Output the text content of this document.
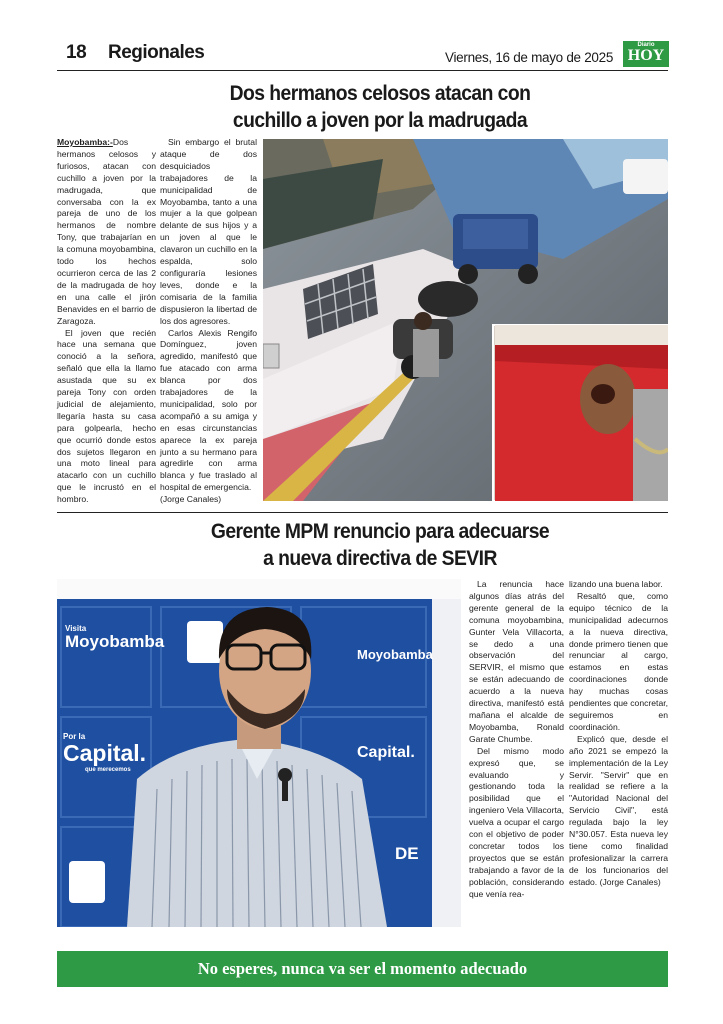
18 Regionales	Viernes, 16 de mayo de 2025
Diario
HOY
Dos hermanos celosos atacan con
cuchillo a joven por la madrugada

Moyobamba:-Dos hermanos celosos y furiosos, atacan con cuchillo a joven por la madrugada, que conversaba con la ex pareja de uno de los hermanos de nombre Tony, que trabajarían en la comuna moyobambina, todo los hechos ocurrieron cerca de las 2 de la madrugada de hoy en una calle el jirón Benavides en el barrio de Zaragoza.

El joven que recién hace una semana que conoció a la señora, señaló que ella la llamo asustada que su ex pareja Tony con orden judicial de alejamiento, llegaría hasta su casa para golpearla, hecho que ocurrió donde estos dos sujetos llegaron en una moto lineal para atacarlo con un cuchillo que le incrustó en el hombro.

Sin embargo el brutal ataque de dos desquiciados trabajadores de la municipalidad de Moyobamba, tanto a una mujer a la que golpean delante de sus hijos y a un joven al que le clavaron un cuchillo en la espalda, solo configuraría lesiones leves, donde e la comisaria de la familia dispusieron la libertad de los dos agresores.

Carlos Alexis Rengifo Domínguez, joven agredido, manifestó que fue atacado con arma blanca por dos trabajadores de la municipalidad, solo por acompañó a su amiga y en esas circunstancias aparece la ex pareja junto a su hermano para agredirle con arma blanca y fue traslado al hospital de emergencia.

(Jorge Canales)

Gerente MPM renuncio para adecuarse
a nueva directiva de SEVIR
Visita
Moyobamba
Moyobamba
Por la
Capital.
que merecemos
Capital.
DE

La renuncia hace algunos días atrás del gerente general de la comuna moyobambina, Gunter Vela Villacorta, se dedo a una observación del SERVIR, el mismo que se están adecuando de acuerdo a la nueva directiva, manifestó está mañana el alcalde de Moyobamba, Ronald Garate Chumbe.

Del mismo modo expresó que, se evaluando y gestionando toda la posibilidad que el ingeniero Vela Villacorta, vuelva a ocupar el cargo con el objetivo de poder concretar todos los proyectos que se están trabajando a favor de la población, considerando que venía rea-

lizando una buena labor.

Resaltó que, como equipo técnico de la municipalidad adecurnos a la nueva directiva, donde primero tienen que renunciar al cargo, estamos en estas coordinaciones donde hay muchas cosas pendientes que concretar, seguiremos en coordinación.

Explicó que, desde el año 2021 se empezó la implementación de la Ley Servir. "Servir" que en realidad se refiere a la "Autoridad Nacional del Servicio Civil", está regulada bajo la ley N°30.057. Esta nueva ley tiene como finalidad profesionalizar la carrera de los funcionarios del estado. (Jorge Canales)

No esperes, nunca va ser el momento adecuado
